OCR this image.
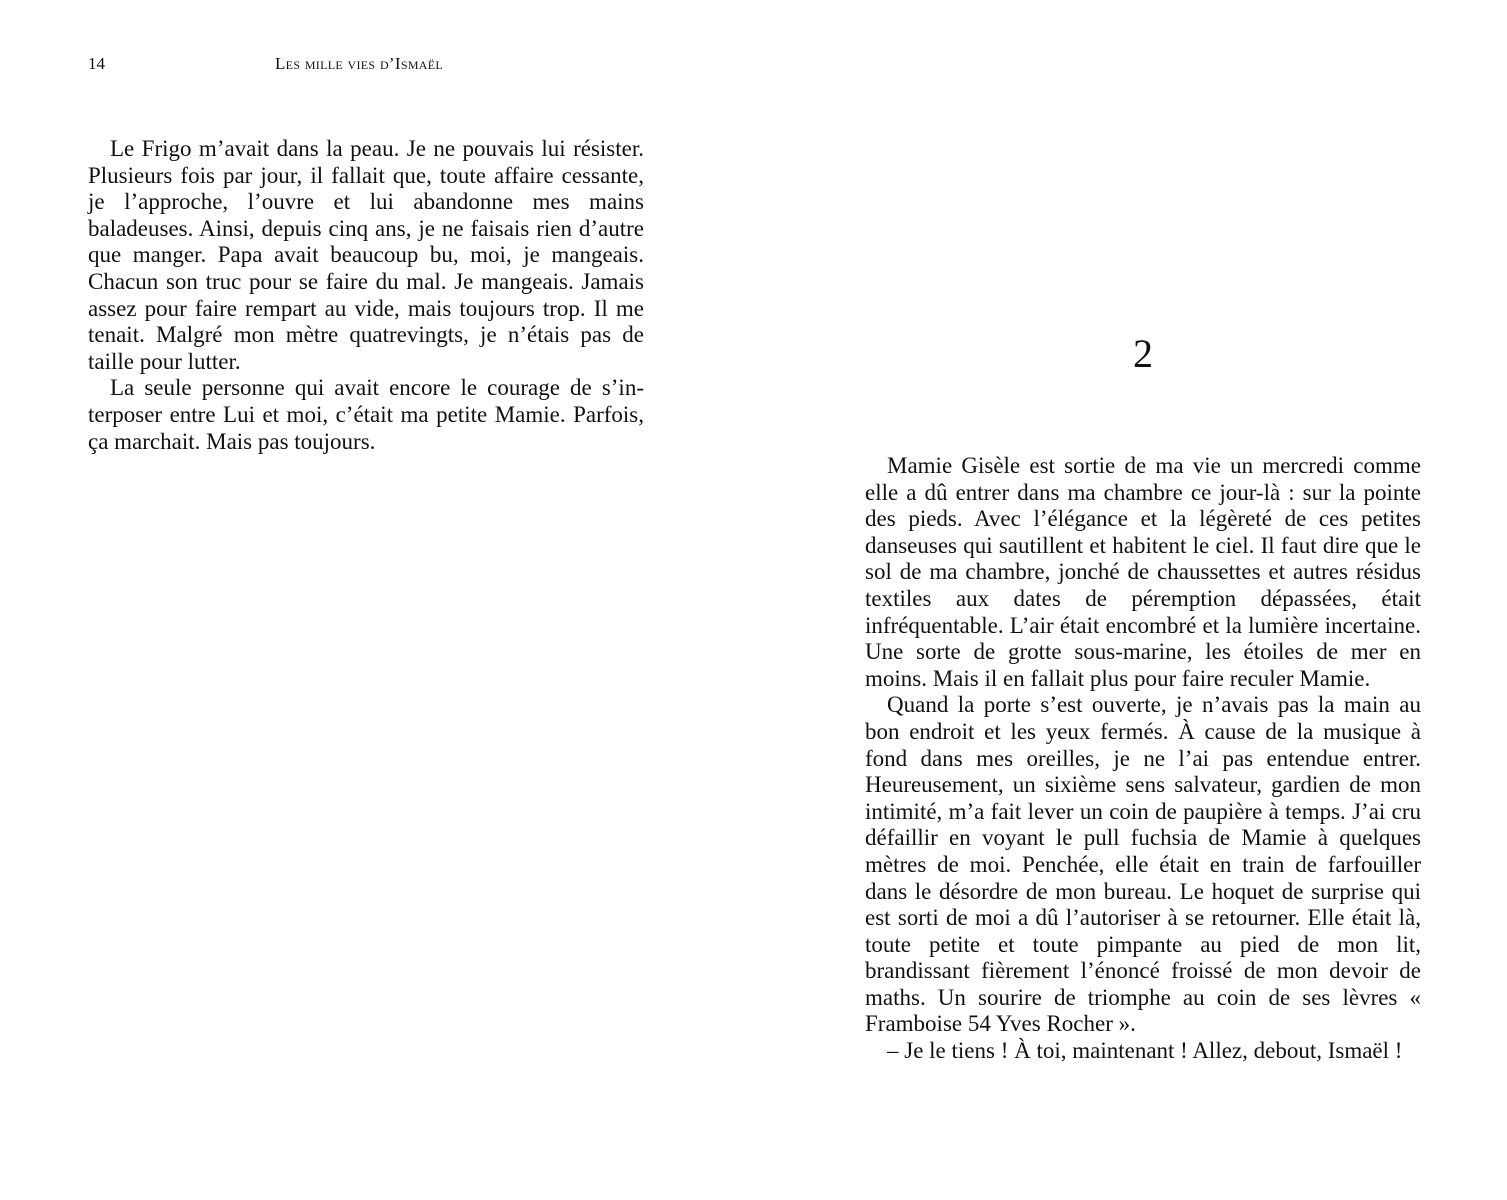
14	Les mille vies d’Ismaël

Le Frigo m’avait dans la peau. Je ne pouvais lui résister. Plusieurs fois par jour, il fallait que, toute affaire cessante, je l’approche, l’ouvre et lui abandonne mes mains baladeuses. Ainsi, depuis cinq ans, je ne faisais rien d’autre que manger. Papa avait beaucoup bu, moi, je mangeais. Chacun son truc pour se faire du mal. Je mangeais. Jamais assez pour faire rempart au vide, mais toujours trop. Il me tenait. Malgré mon mètre quatrevingts, je n’étais pas de taille pour lutter.

La seule personne qui avait encore le courage de s’interposer entre Lui et moi, c’était ma petite Mamie. Parfois, ça marchait. Mais pas toujours.

2

Mamie Gisèle est sortie de ma vie un mercredi comme elle a dû entrer dans ma chambre ce jour-là : sur la pointe des pieds. Avec l’élégance et la légèreté de ces petites danseuses qui sautillent et habitent le ciel. Il faut dire que le sol de ma chambre, jonché de chaussettes et autres résidus textiles aux dates de péremption dépassées, était infréquentable. L’air était encombré et la lumière incertaine. Une sorte de grotte sous-marine, les étoiles de mer en moins. Mais il en fallait plus pour faire reculer Mamie.

Quand la porte s’est ouverte, je n’avais pas la main au bon endroit et les yeux fermés. À cause de la musique à fond dans mes oreilles, je ne l’ai pas entendue entrer. Heureusement, un sixième sens salvateur, gardien de mon intimité, m’a fait lever un coin de paupière à temps. J’ai cru défaillir en voyant le pull fuchsia de Mamie à quelques mètres de moi. Penchée, elle était en train de farfouiller dans le désordre de mon bureau. Le hoquet de surprise qui est sorti de moi a dû l’autoriser à se retourner. Elle était là, toute petite et toute pimpante au pied de mon lit, brandissant fièrement l’énoncé froissé de mon devoir de maths. Un sourire de triomphe au coin de ses lèvres « Framboise 54 Yves Rocher ».

– Je le tiens ! À toi, maintenant ! Allez, debout, Ismaël !
